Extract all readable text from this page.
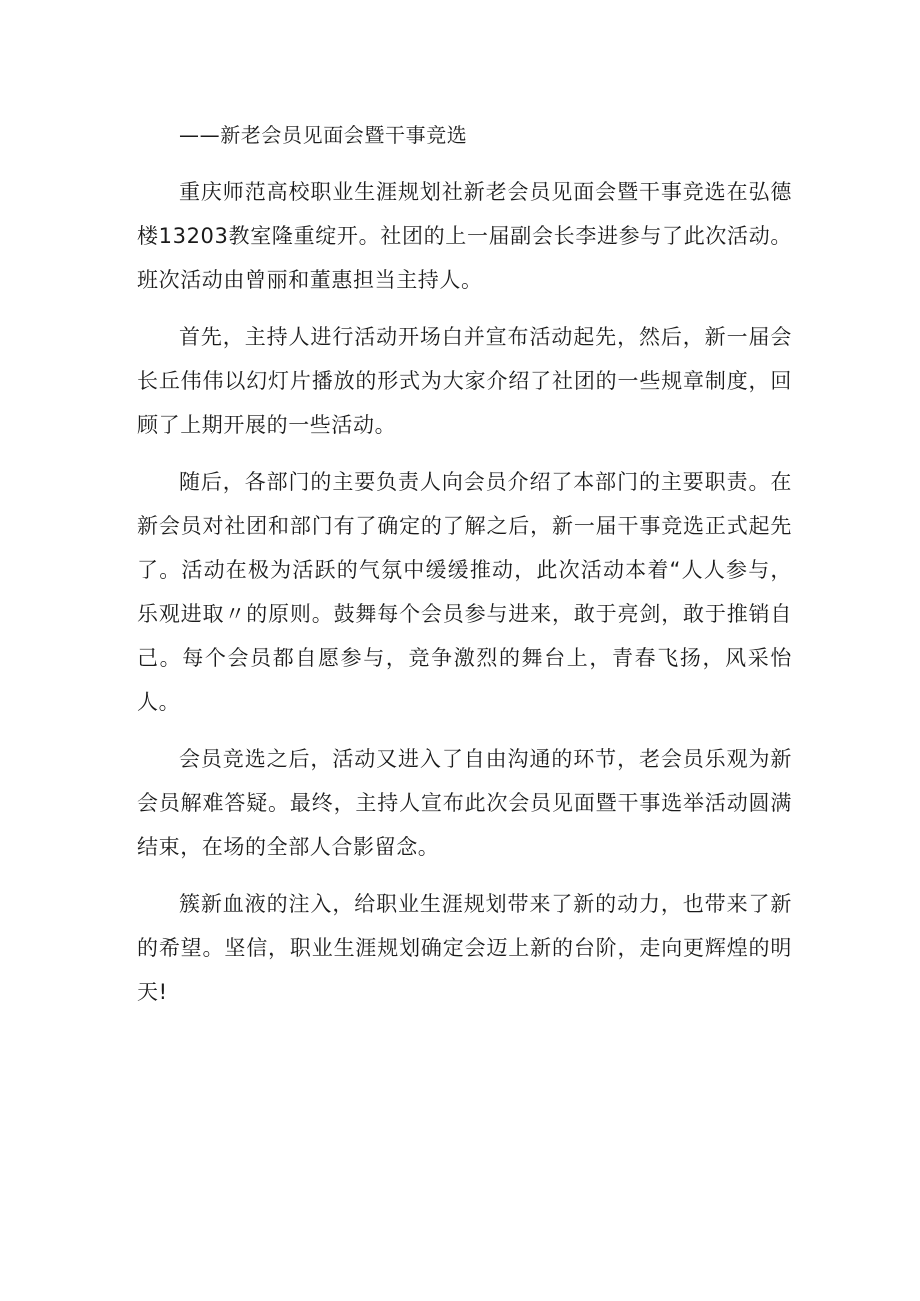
——新老会员见面会暨干事竞选

重庆师范高校职业生涯规划社新老会员见面会暨干事竞选在弘德楼13203教室隆重绽开。社团的上一届副会长李进参与了此次活动。班次活动由曾丽和董惠担当主持人。

首先，主持人进行活动开场白并宣布活动起先，然后，新一届会长丘伟伟以幻灯片播放的形式为大家介绍了社团的一些规章制度，回顾了上期开展的一些活动。

随后，各部门的主要负责人向会员介绍了本部门的主要职责。在新会员对社团和部门有了确定的了解之后，新一届干事竞选正式起先了。活动在极为活跃的气氛中缓缓推动，此次活动本着“人人参与，乐观进取〃的原则。鼓舞每个会员参与进来，敢于亮剑，敢于推销自己。每个会员都自愿参与，竞争激烈的舞台上，青春飞扬，风采怡人。

会员竞选之后，活动又进入了自由沟通的环节，老会员乐观为新会员解难答疑。最终，主持人宣布此次会员见面暨干事选举活动圆满结束，在场的全部人合影留念。

簇新血液的注入，给职业生涯规划带来了新的动力，也带来了新的希望。坚信，职业生涯规划确定会迈上新的台阶，走向更辉煌的明天!
